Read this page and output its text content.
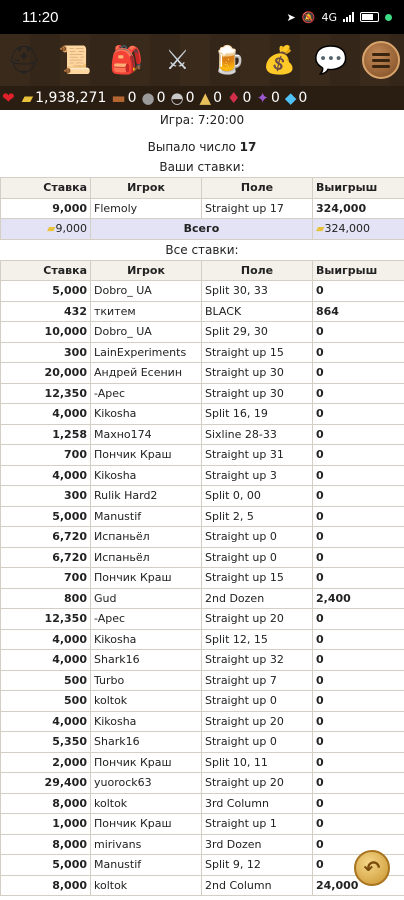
11:20	➤ 🔕 4G
⛑ 📜 🎒 ⚔ 🍺 💰 💬
❤ ▰ 1,938,271 ▬ 0 ● 0 ◓ 0 ▲ 0 ♦ 0 ✦ 0 ◆ 0
Игра: 7:20:00
Выпало число 17
Ваши ставки:
Ставка	Игрок	Поле	Выигрыш
9,000	Flemoly	Straight up 17	324,000
▰9,000	Всего		▰324,000
Все ставки:
Ставка	Игрок	Поле	Выигрыш
5,000	Dobro_ UA	Split 30, 33	0
432	ткитем	BLACK	864
10,000	Dobro_ UA	Split 29, 30	0
300	LainExperiments	Straight up 15	0
20,000	Андрей Есенин	Straight up 30	0
12,350	-Apec	Straight up 30	0
4,000	Kikosha	Split 16, 19	0
1,258	Махно174	Sixline 28-33	0
700	Пончик Краш	Straight up 31	0
4,000	Kikosha	Straight up 3	0
300	Rulik Hard2	Split 0, 00	0
5,000	Manustif	Split 2, 5	0
6,720	Испаньёл	Straight up 0	0
6,720	Испаньёл	Straight up 0	0
700	Пончик Краш	Straight up 15	0
800	Gud	2nd Dozen	2,400
12,350	-Apec	Straight up 20	0
4,000	Kikosha	Split 12, 15	0
4,000	Shark16	Straight up 32	0
500	Turbo	Straight up 7	0
500	koltok	Straight up 0	0
4,000	Kikosha	Straight up 20	0
5,350	Shark16	Straight up 0	0
2,000	Пончик Краш	Split 10, 11	0
29,400	yuorock63	Straight up 20	0
8,000	koltok	3rd Column	0
1,000	Пончик Краш	Straight up 1	0
8,000	mirivans	3rd Dozen	0
5,000	Manustif	Split 9, 12	0
8,000	koltok	2nd Column	24,000
↶
